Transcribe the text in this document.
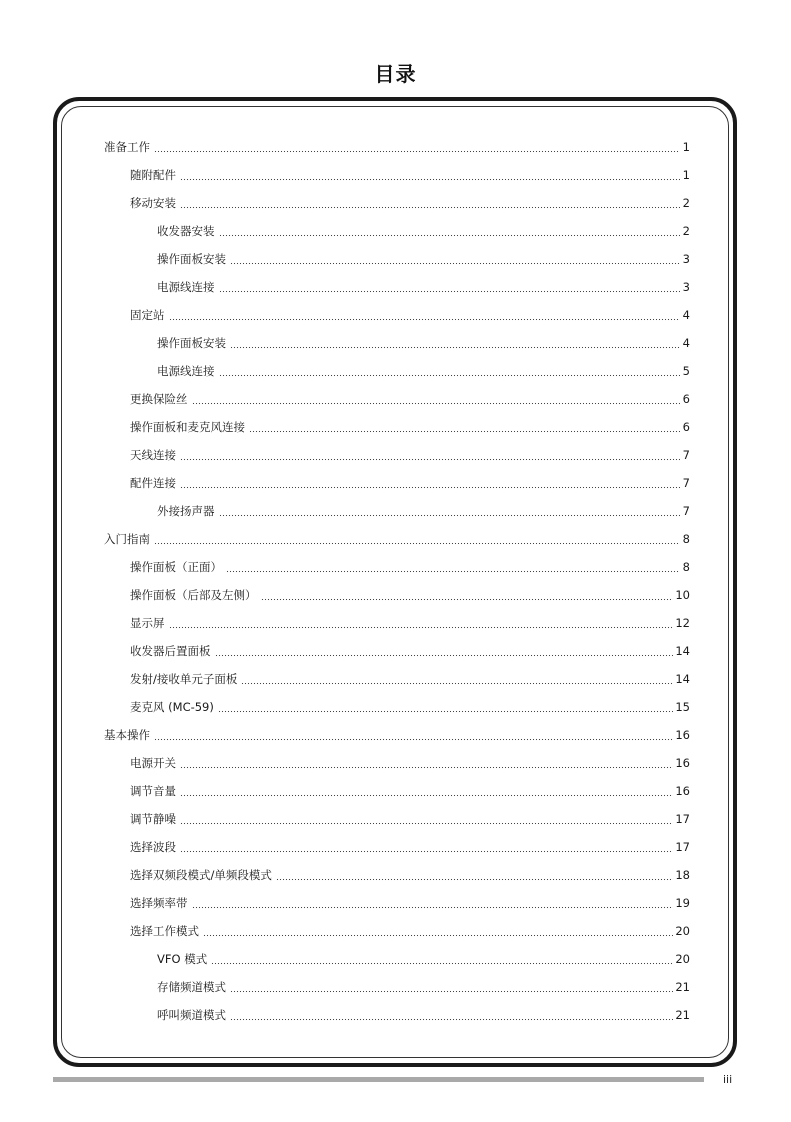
目录
准备工作	1
随附配件	1
移动安装	2
收发器安装	2
操作面板安装	3
电源线连接	3
固定站	4
操作面板安装	4
电源线连接	5
更换保险丝	6
操作面板和麦克风连接	6
天线连接	7
配件连接	7
外接扬声器	7
入门指南	8
操作面板（正面）	8
操作面板（后部及左侧）	10
显示屏	12
收发器后置面板	14
发射/接收单元子面板	14
麦克风 (MC-59)	15
基本操作	16
电源开关	16
调节音量	16
调节静噪	17
选择波段	17
选择双频段模式/单频段模式	18
选择频率带	19
选择工作模式	20
VFO 模式	20
存储频道模式	21
呼叫频道模式	21
iii
